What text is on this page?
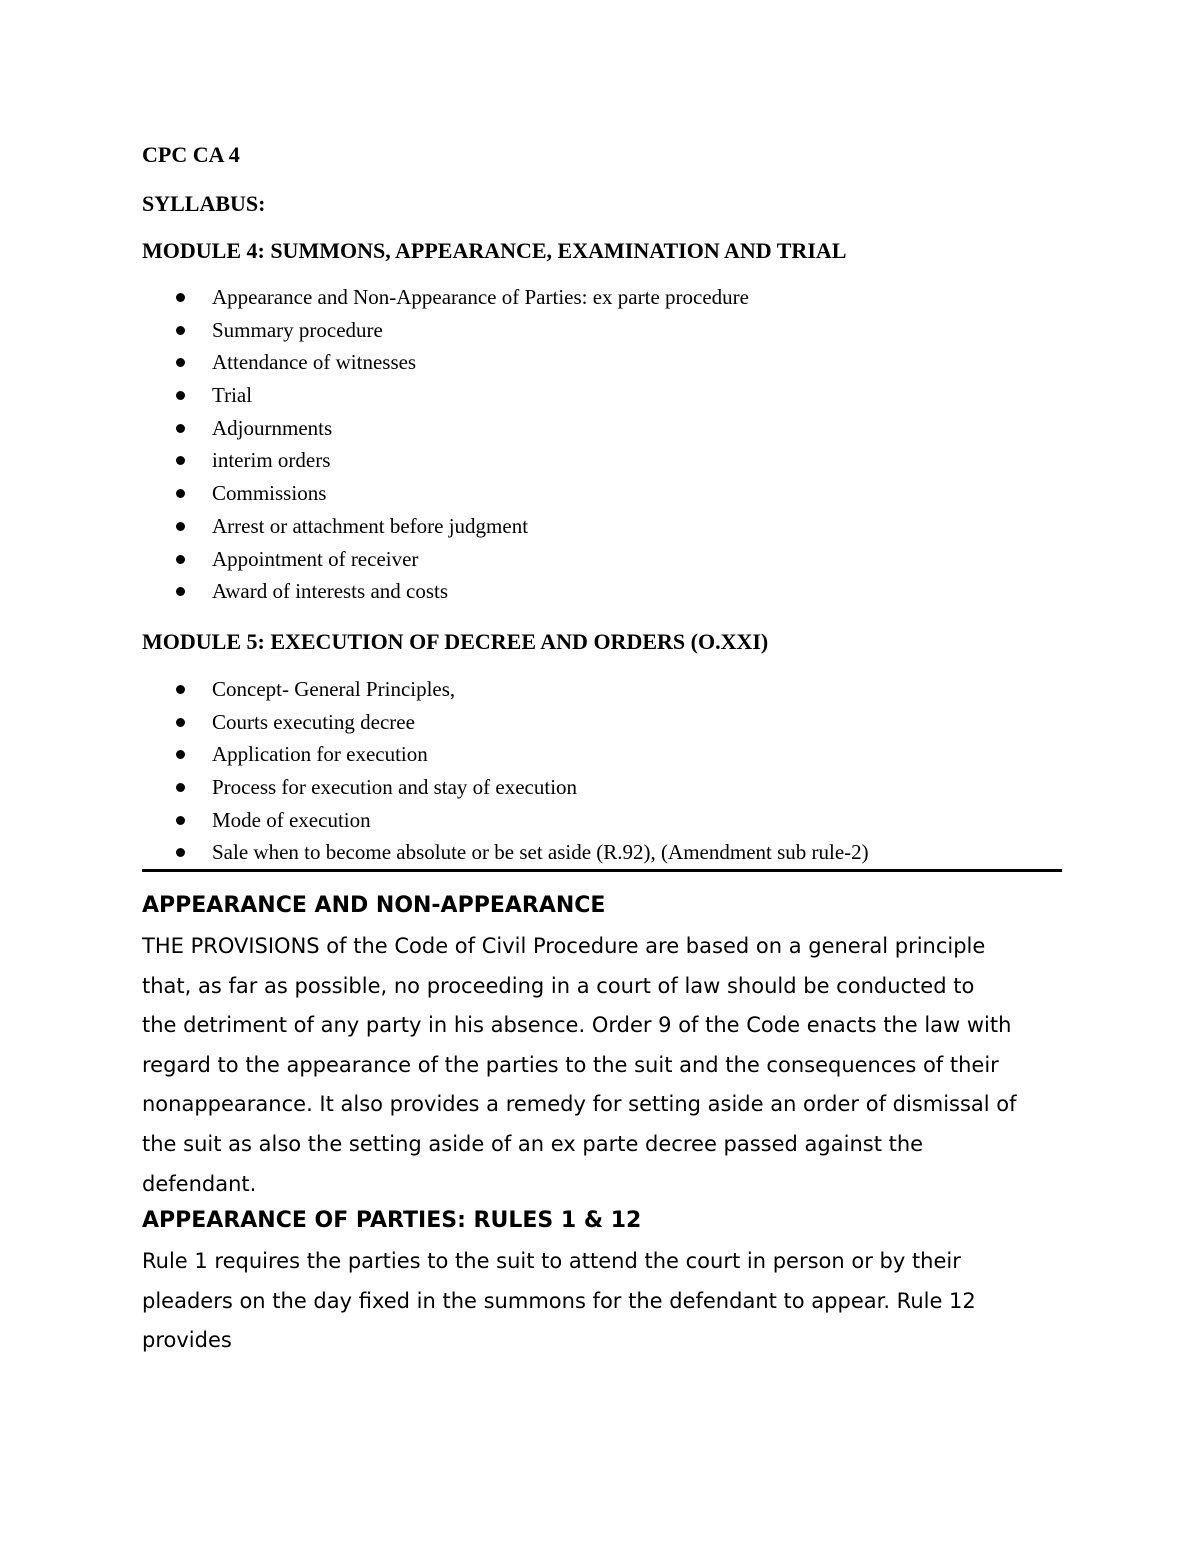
CPC CA 4
SYLLABUS:
MODULE 4: SUMMONS, APPEARANCE, EXAMINATION AND TRIAL
Appearance and Non-Appearance of Parties: ex parte procedure
Summary procedure
Attendance of witnesses
Trial
Adjournments
interim orders
Commissions
Arrest or attachment before judgment
Appointment of receiver
Award of interests and costs
MODULE 5: EXECUTION OF DECREE AND ORDERS (O.XXI)
Concept- General Principles,
Courts executing decree
Application for execution
Process for execution and stay of execution
Mode of execution
Sale when to become absolute or be set aside (R.92), (Amendment sub rule-2)
APPEARANCE AND NON-APPEARANCE

THE PROVISIONS of the Code of Civil Procedure are based on a general principle
that, as far as possible, no proceeding in a court of law should be conducted to
the detriment of any party in his absence. Order 9 of the Code enacts the law with
regard to the appearance of the parties to the suit and the consequences of their
nonappearance. It also provides a remedy for setting aside an order of dismissal of
the suit as also the setting aside of an ex parte decree passed against the
defendant.

APPEARANCE OF PARTIES: RULES 1 & 12

Rule 1 requires the parties to the suit to attend the court in person or by their
pleaders on the day fixed in the summons for the defendant to appear. Rule 12
provides
